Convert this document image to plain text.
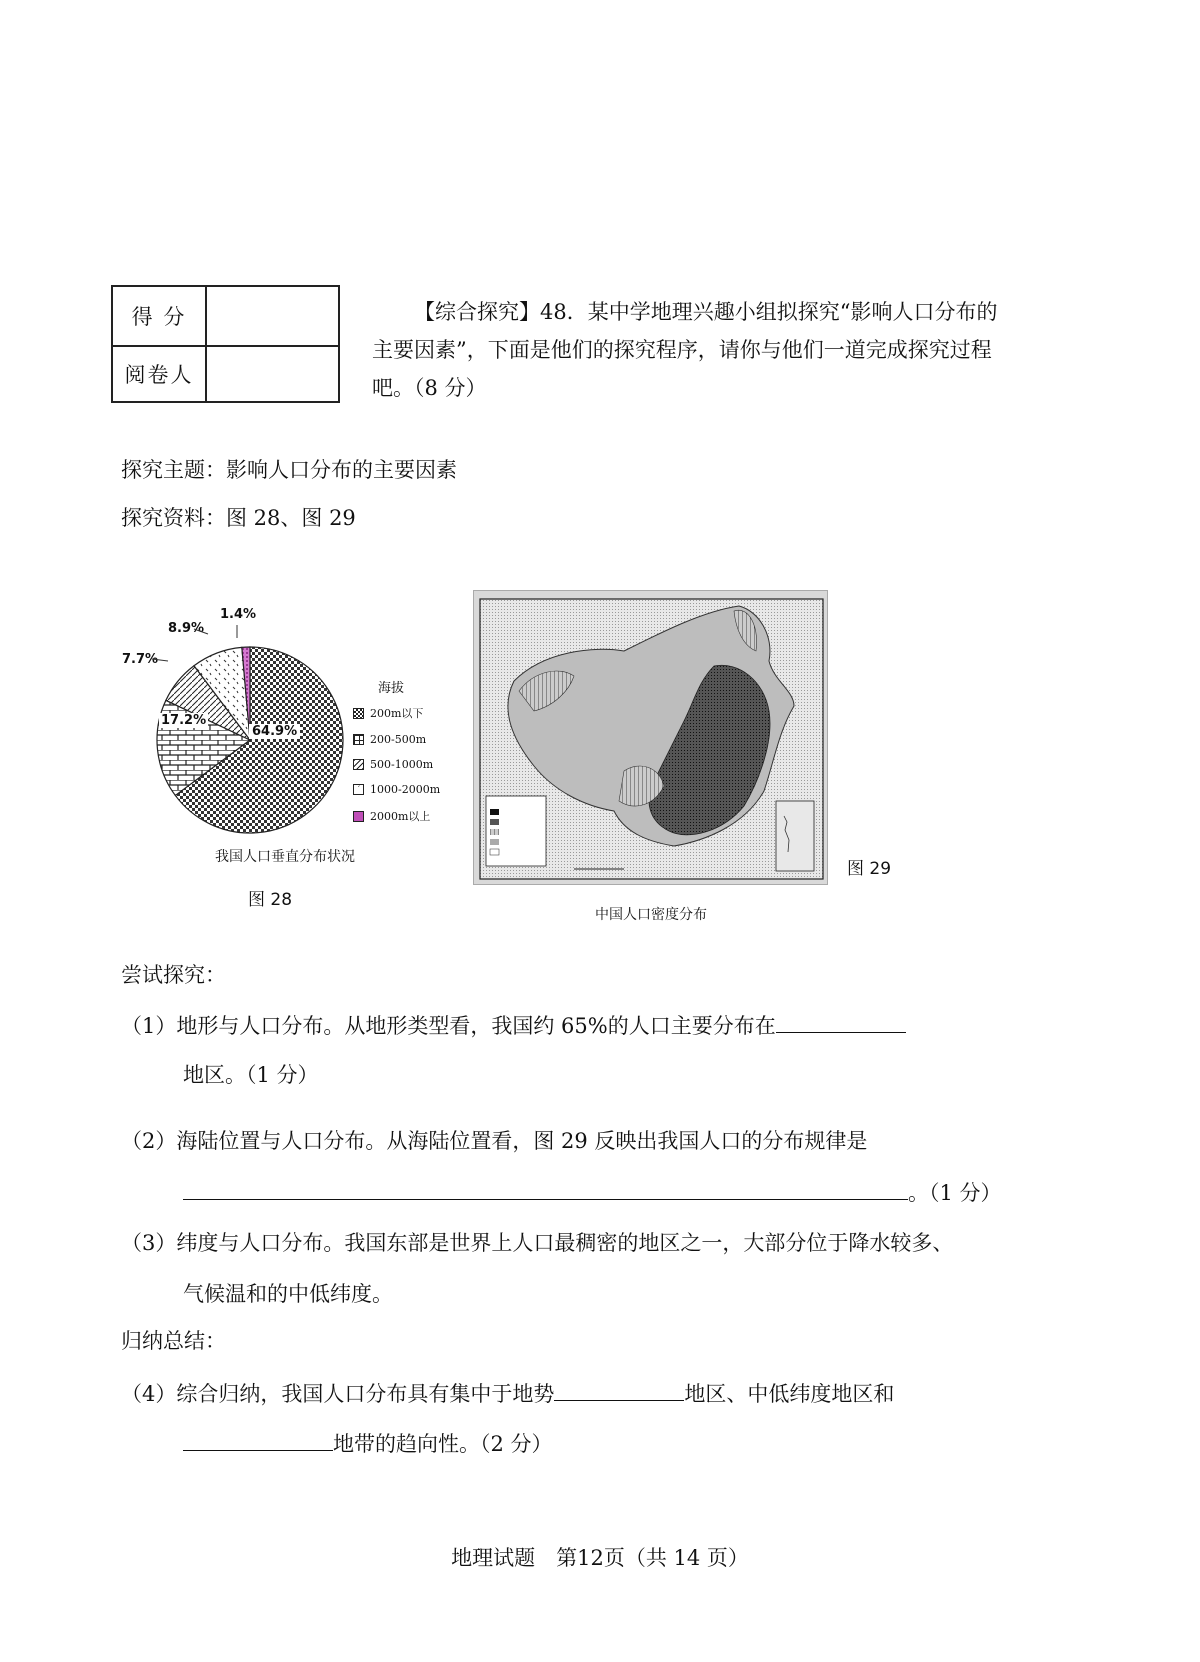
得 分
阅卷人

【综合探究】48．某中学地理兴趣小组拟探究“影响人口分布的

主要因素”，下面是他们的探究程序，请你与他们一道完成探究过程

吧。（8 分）

探究主题：影响人口分布的主要因素
探究资料：图 28、图 29
64.9%
17.2%
7.7%
8.9%
1.4%
海拔
200m以下
200-500m
500-1000m
ˊ 1000-2000m
2000m以上
我国人口垂直分布状况
图 28
中国人口密度分布
图 29
尝试探究：
（1）地形与人口分布。从地形类型看，我国约 65%的人口主要分布在
地区。（1 分）
（2）海陆位置与人口分布。从海陆位置看，图 29 反映出我国人口的分布规律是
。（1 分）
（3）纬度与人口分布。我国东部是世界上人口最稠密的地区之一，大部分位于降水较多、
气候温和的中低纬度。
归纳总结：
（4）综合归纳，我国人口分布具有集中于地势	地区、中低纬度地区和
地带的趋向性。（2 分）
地理试题　第12页（共 14 页）
